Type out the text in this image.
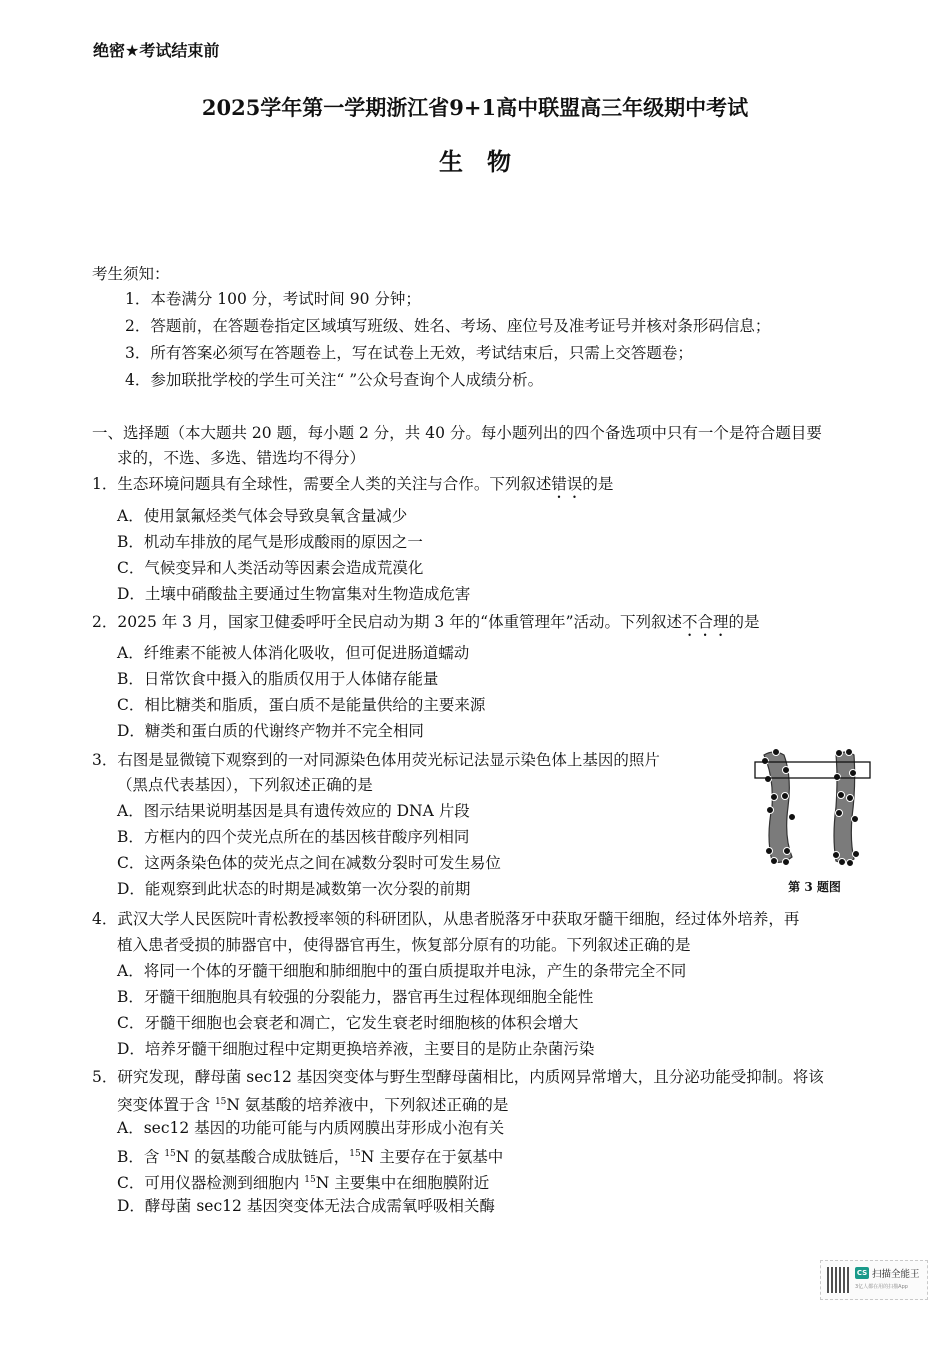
绝密★考试结束前
2025学年第一学期浙江省9+1高中联盟高三年级期中考试
生物
考生须知：
1．本卷满分 100 分，考试时间 90 分钟；
2．答题前，在答题卷指定区域填写班级、姓名、考场、座位号及准考证号并核对条形码信息；
3．所有答案必须写在答题卷上，写在试卷上无效，考试结束后，只需上交答题卷；
4．参加联批学校的学生可关注“ ”公众号查询个人成绩分析。
一、选择题（本大题共 20 题，每小题 2 分，共 40 分。每小题列出的四个备选项中只有一个是符合题目要
求的，不选、多选、错选均不得分）
1．生态环境问题具有全球性，需要全人类的关注与合作。下列叙述错误的是
A．使用氯氟烃类气体会导致臭氧含量减少
B．机动车排放的尾气是形成酸雨的原因之一
C．气候变异和人类活动等因素会造成荒漠化
D．土壤中硝酸盐主要通过生物富集对生物造成危害
2．2025 年 3 月，国家卫健委呼吁全民启动为期 3 年的“体重管理年”活动。下列叙述不合理的是
A．纤维素不能被人体消化吸收，但可促进肠道蠕动
B．日常饮食中摄入的脂质仅用于人体储存能量
C．相比糖类和脂质，蛋白质不是能量供给的主要来源
D．糖类和蛋白质的代谢终产物并不完全相同
3．右图是显微镜下观察到的一对同源染色体用荧光标记法显示染色体上基因的照片
（黑点代表基因），下列叙述正确的是
A．图示结果说明基因是具有遗传效应的 DNA 片段
B．方框内的四个荧光点所在的基因核苷酸序列相同
C．这两条染色体的荧光点之间在减数分裂时可发生易位
D．能观察到此状态的时期是减数第一次分裂的前期	第 3 题图
4．武汉大学人民医院叶青松教授率领的科研团队，从患者脱落牙中获取牙髓干细胞，经过体外培养，再
植入患者受损的肺器官中，使得器官再生，恢复部分原有的功能。下列叙述正确的是
A．将同一个体的牙髓干细胞和肺细胞中的蛋白质提取并电泳，产生的条带完全不同
B．牙髓干细胞胞具有较强的分裂能力，器官再生过程体现细胞全能性
C．牙髓干细胞也会衰老和凋亡，它发生衰老时细胞核的体积会增大
D．培养牙髓干细胞过程中定期更换培养液，主要目的是防止杂菌污染
5．研究发现，酵母菌 sec12 基因突变体与野生型酵母菌相比，内质网异常增大，且分泌功能受抑制。将该
突变体置于含 $^{15}$N 氨基酸的培养液中，下列叙述正确的是
A．sec12 基因的功能可能与内质网膜出芽形成小泡有关
B．含 $^{15}$N 的氨基酸合成肽链后，$^{15}$N 主要存在于氨基中
C．可用仪器检测到细胞内 $^{15}$N 主要集中在细胞膜附近
D．酵母菌 sec12 基因突变体无法合成需氧呼吸相关酶
CS 扫描全能王
3亿人都在用的扫描App
